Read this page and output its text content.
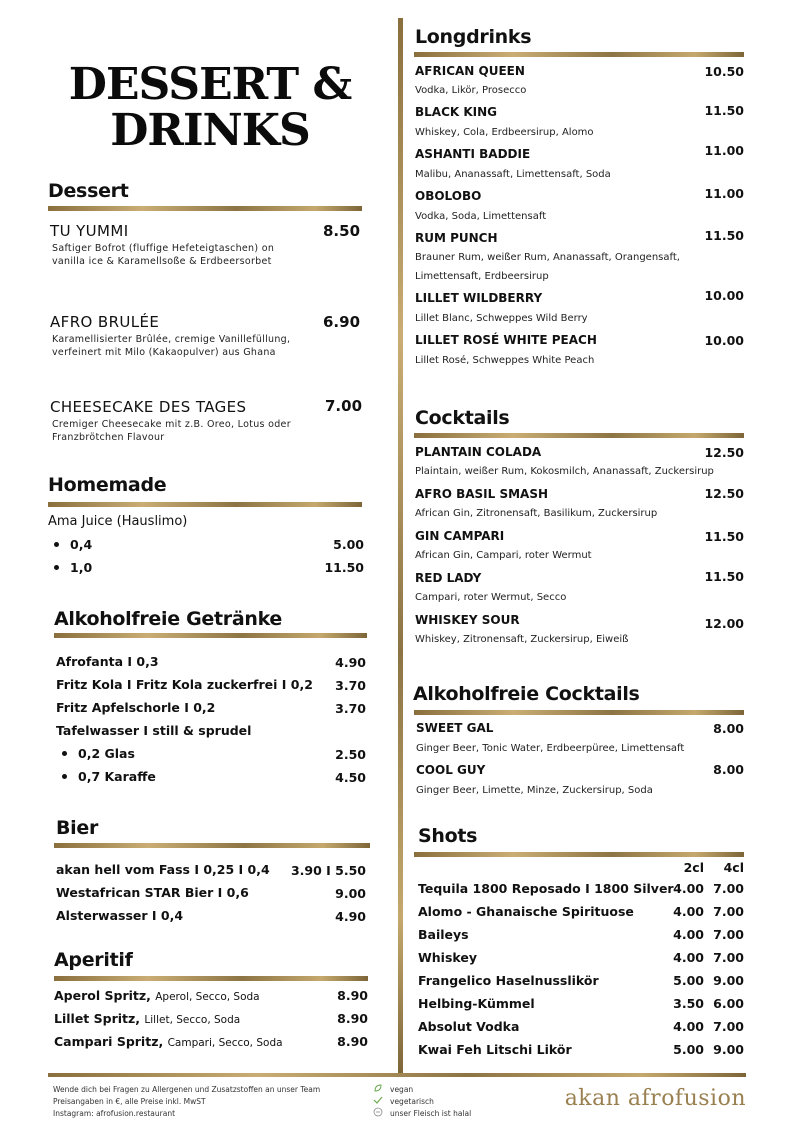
DESSERT & DRINKS
Dessert
TU YUMMI	8.50
Saftiger Bofrot (fluffige Hefeteigtaschen) on
vanilla ice & Karamellsoße & Erdbeersorbet
AFRO BRULÉE	6.90
Karamellisierter Brûlée, cremige Vanillefüllung,
verfeinert mit Milo (Kakaopulver) aus Ghana
CHEESECAKE DES TAGES	7.00
Cremiger Cheesecake mit z.B. Oreo, Lotus oder
Franzbrötchen Flavour
Homemade
Ama Juice (Hauslimo)
0,4	5.00
1,0	11.50
Alkoholfreie Getränke
Afrofanta I 0,3	4.90
Fritz Kola I Fritz Kola zuckerfrei I 0,2	3.70
Fritz Apfelschorle I 0,2	3.70
Tafelwasser I still & sprudel
0,2 Glas	2.50
0,7 Karaffe	4.50
Bier
akan hell vom Fass I 0,25 I 0,4	3.90 I 5.50
Westafrican STAR Bier I 0,6	9.00
Alsterwasser I 0,4	4.90
Aperitif
Aperol Spritz, Aperol, Secco, Soda	8.90
Lillet Spritz, Lillet, Secco, Soda	8.90
Campari Spritz, Campari, Secco, Soda	8.90
Longdrinks
AFRICAN QUEEN	10.50
Vodka, Likör, Prosecco
BLACK KING	11.50
Whiskey, Cola, Erdbeersirup, Alomo
ASHANTI BADDIE	11.00
Malibu, Ananassaft, Limettensaft, Soda
OBOLOBO	11.00
Vodka, Soda, Limettensaft
RUM PUNCH	11.50
Brauner Rum, weißer Rum, Ananassaft, Orangensaft,
Limettensaft, Erdbeersirup
LILLET WILDBERRY	10.00
Lillet Blanc, Schweppes Wild Berry
LILLET ROSÉ WHITE PEACH	10.00
Lillet Rosé, Schweppes White Peach
Cocktails
PLANTAIN COLADA	12.50
Plaintain, weißer Rum, Kokosmilch, Ananassaft, Zuckersirup
AFRO BASIL SMASH	12.50
African Gin, Zitronensaft, Basilikum, Zuckersirup
GIN CAMPARI	11.50
African Gin, Campari, roter Wermut
RED LADY	11.50
Campari, roter Wermut, Secco
WHISKEY SOUR	12.00
Whiskey, Zitronensaft, Zuckersirup, Eiweiß
Alkoholfreie Cocktails
SWEET GAL	8.00
Ginger Beer, Tonic Water, Erdbeerpüree, Limettensaft
COOL GUY	8.00
Ginger Beer, Limette, Minze, Zuckersirup, Soda
Shots
2cl	4cl
Tequila 1800 Reposado I 1800 Silver 4.00 7.00
Alomo - Ghanaische Spirituose	4.00 7.00
Baileys	4.00 7.00
Whiskey	4.00 7.00
Frangelico Haselnusslikör	5.00 9.00
Helbing-Kümmel	3.50 6.00
Absolut Vodka	4.00 7.00
Kwai Feh Litschi Likör	5.00 9.00
Wende dich bei Fragen zu Allergenen und Zusatzstoffen an unser Team
Preisangaben in €, alle Preise inkl. MwST
Instagram: afrofusion.restaurant
vegan
vegetarisch
unser Fleisch ist halal
akan afrofusion
